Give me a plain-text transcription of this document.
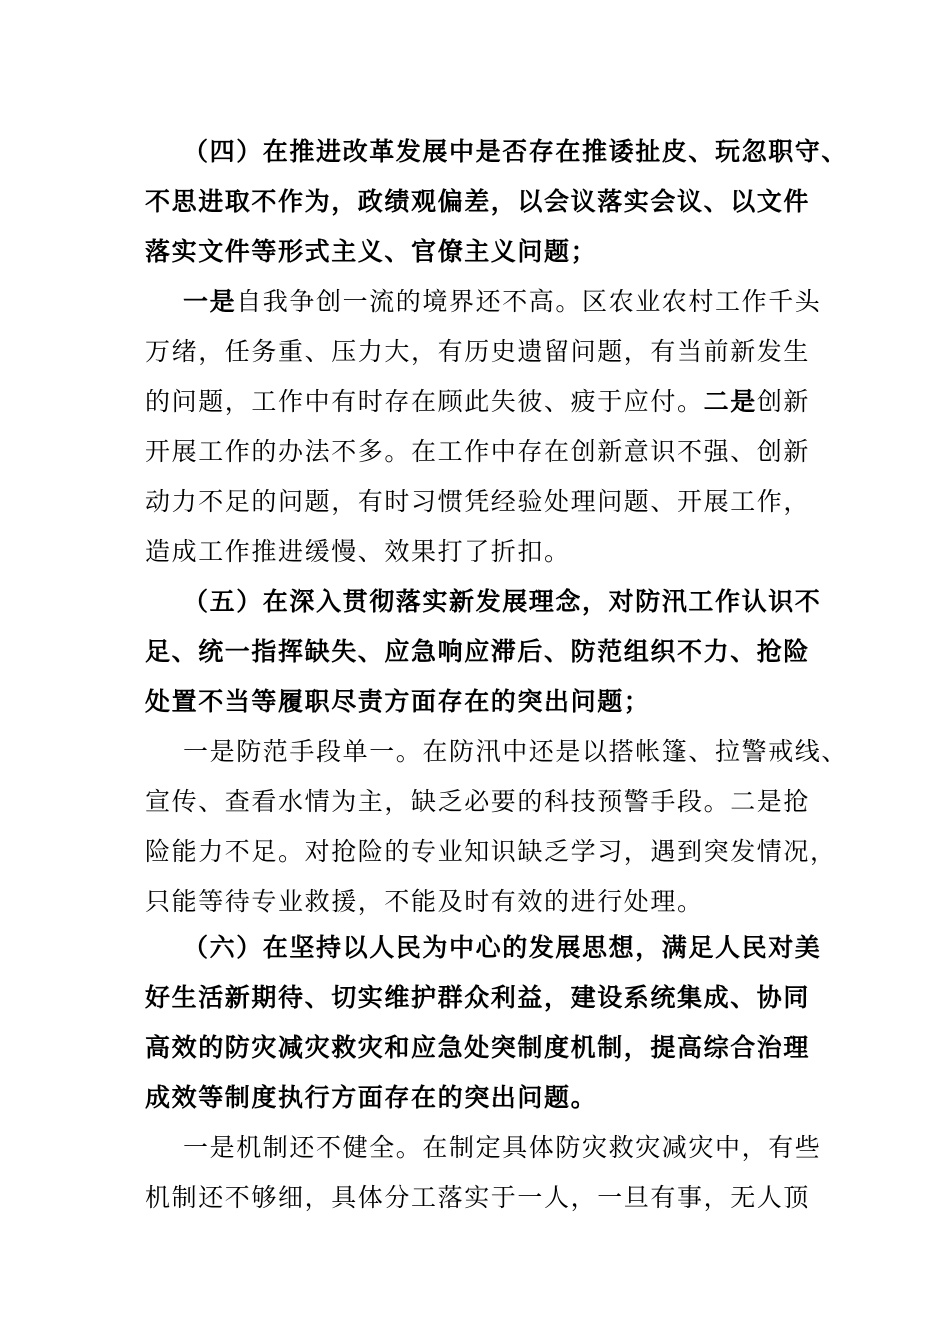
（四）在推进改革发展中是否存在推诿扯皮、玩忽职守、
不思进取不作为，政绩观偏差，以会议落实会议、以文件
落实文件等形式主义、官僚主义问题；
一是自我争创一流的境界还不高。区农业农村工作千头
万绪，任务重、压力大，有历史遗留问题，有当前新发生
的问题，工作中有时存在顾此失彼、疲于应付。二是创新
开展工作的办法不多。在工作中存在创新意识不强、创新
动力不足的问题，有时习惯凭经验处理问题、开展工作，
造成工作推进缓慢、效果打了折扣。
（五）在深入贯彻落实新发展理念，对防汛工作认识不
足、统一指挥缺失、应急响应滞后、防范组织不力、抢险
处置不当等履职尽责方面存在的突出问题；
一是防范手段单一。在防汛中还是以搭帐篷、拉警戒线、
宣传、查看水情为主，缺乏必要的科技预警手段。二是抢
险能力不足。对抢险的专业知识缺乏学习，遇到突发情况，
只能等待专业救援，不能及时有效的进行处理。
（六）在坚持以人民为中心的发展思想，满足人民对美
好生活新期待、切实维护群众利益，建设系统集成、协同
高效的防灾减灾救灾和应急处突制度机制，提高综合治理
成效等制度执行方面存在的突出问题。
一是机制还不健全。在制定具体防灾救灾减灾中，有些
机制还不够细，具体分工落实于一人，一旦有事，无人顶
